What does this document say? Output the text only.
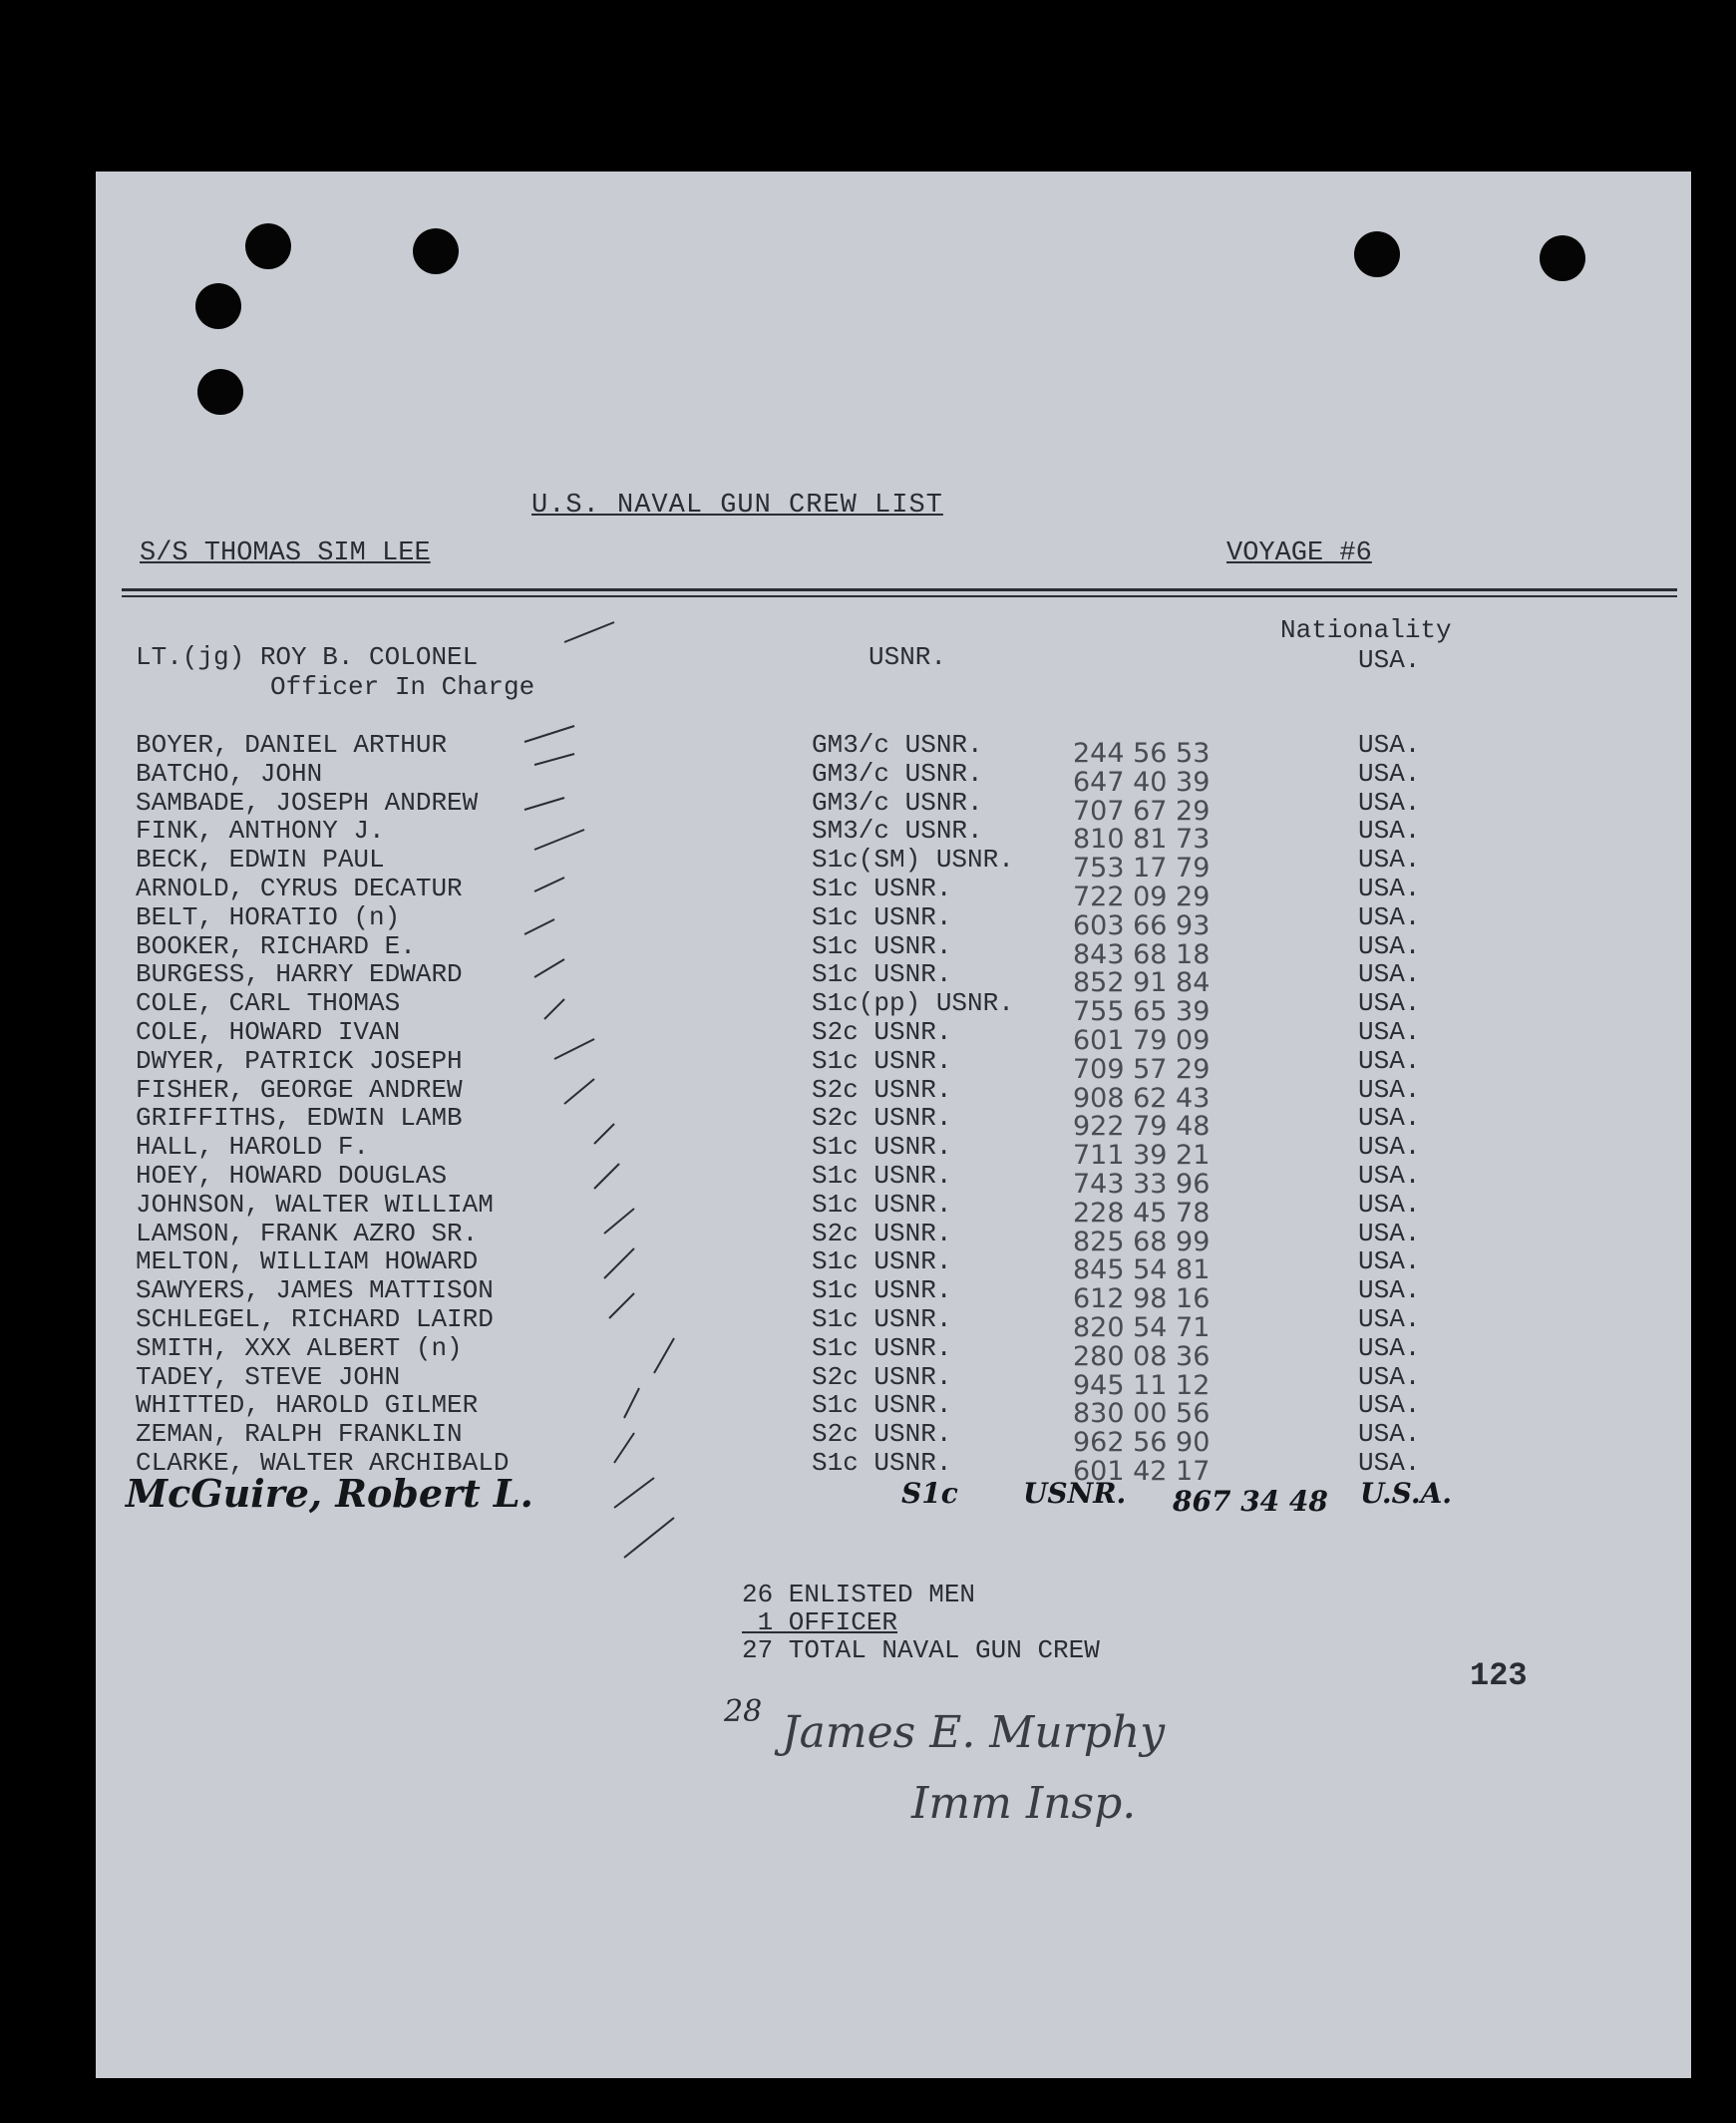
U.S. NAVAL GUN CREW LIST
S/S THOMAS SIM LEE	VOYAGE #6
Nationality
LT.(jg) ROY B. COLONEL
Officer In Charge
USNR.	USA.
BOYER, DANIEL ARTHUR	GM3/c USNR.	244 56 53	USA.
BATCHO, JOHN	GM3/c USNR.	647 40 39	USA.
SAMBADE, JOSEPH ANDREW	GM3/c USNR.	707 67 29	USA.
FINK, ANTHONY J.	SM3/c USNR.	810 81 73	USA.
BECK, EDWIN PAUL	S1c(SM) USNR. 753 17 79	USA.
ARNOLD, CYRUS DECATUR	S1c USNR.	722 09 29	USA.
BELT, HORATIO (n)	S1c USNR.	603 66 93	USA.
BOOKER, RICHARD E.	S1c USNR.	843 68 18	USA.
BURGESS, HARRY EDWARD	S1c USNR.	852 91 84	USA.
COLE, CARL THOMAS	S1c(pp) USNR. 755 65 39	USA.
COLE, HOWARD IVAN	S2c USNR.	601 79 09	USA.
DWYER, PATRICK JOSEPH	S1c USNR.	709 57 29	USA.
FISHER, GEORGE ANDREW	S2c USNR.	908 62 43	USA.
GRIFFITHS, EDWIN LAMB	S2c USNR.	922 79 48	USA.
HALL, HAROLD F.	S1c USNR.	711 39 21	USA.
HOEY, HOWARD DOUGLAS	S1c USNR.	743 33 96	USA.
JOHNSON, WALTER WILLIAM	S1c USNR.	228 45 78	USA.
LAMSON, FRANK AZRO SR.	S2c USNR.	825 68 99	USA.
MELTON, WILLIAM HOWARD	S1c USNR.	845 54 81	USA.
SAWYERS, JAMES MATTISON	S1c USNR.	612 98 16	USA.
SCHLEGEL, RICHARD LAIRD	S1c USNR.	820 54 71	USA.
SMITH, XXX ALBERT (n)	S1c USNR.	280 08 36	USA.
TADEY, STEVE JOHN	S2c USNR.	945 11 12	USA.
WHITTED, HAROLD GILMER	S1c USNR.	830 00 56	USA.
ZEMAN, RALPH FRANKLIN	S2c USNR.	962 56 90	USA.
CLARKE, WALTER ARCHIBALD	S1c USNR.	601 42 17	USA.
McGuire, Robert L.	S1c USNR. 867 34 48 U.S.A.
26 ENLISTED MEN
1 OFFICER
27 TOTAL NAVAL GUN CREW
28
123
James E. Murphy
Imm Insp.
